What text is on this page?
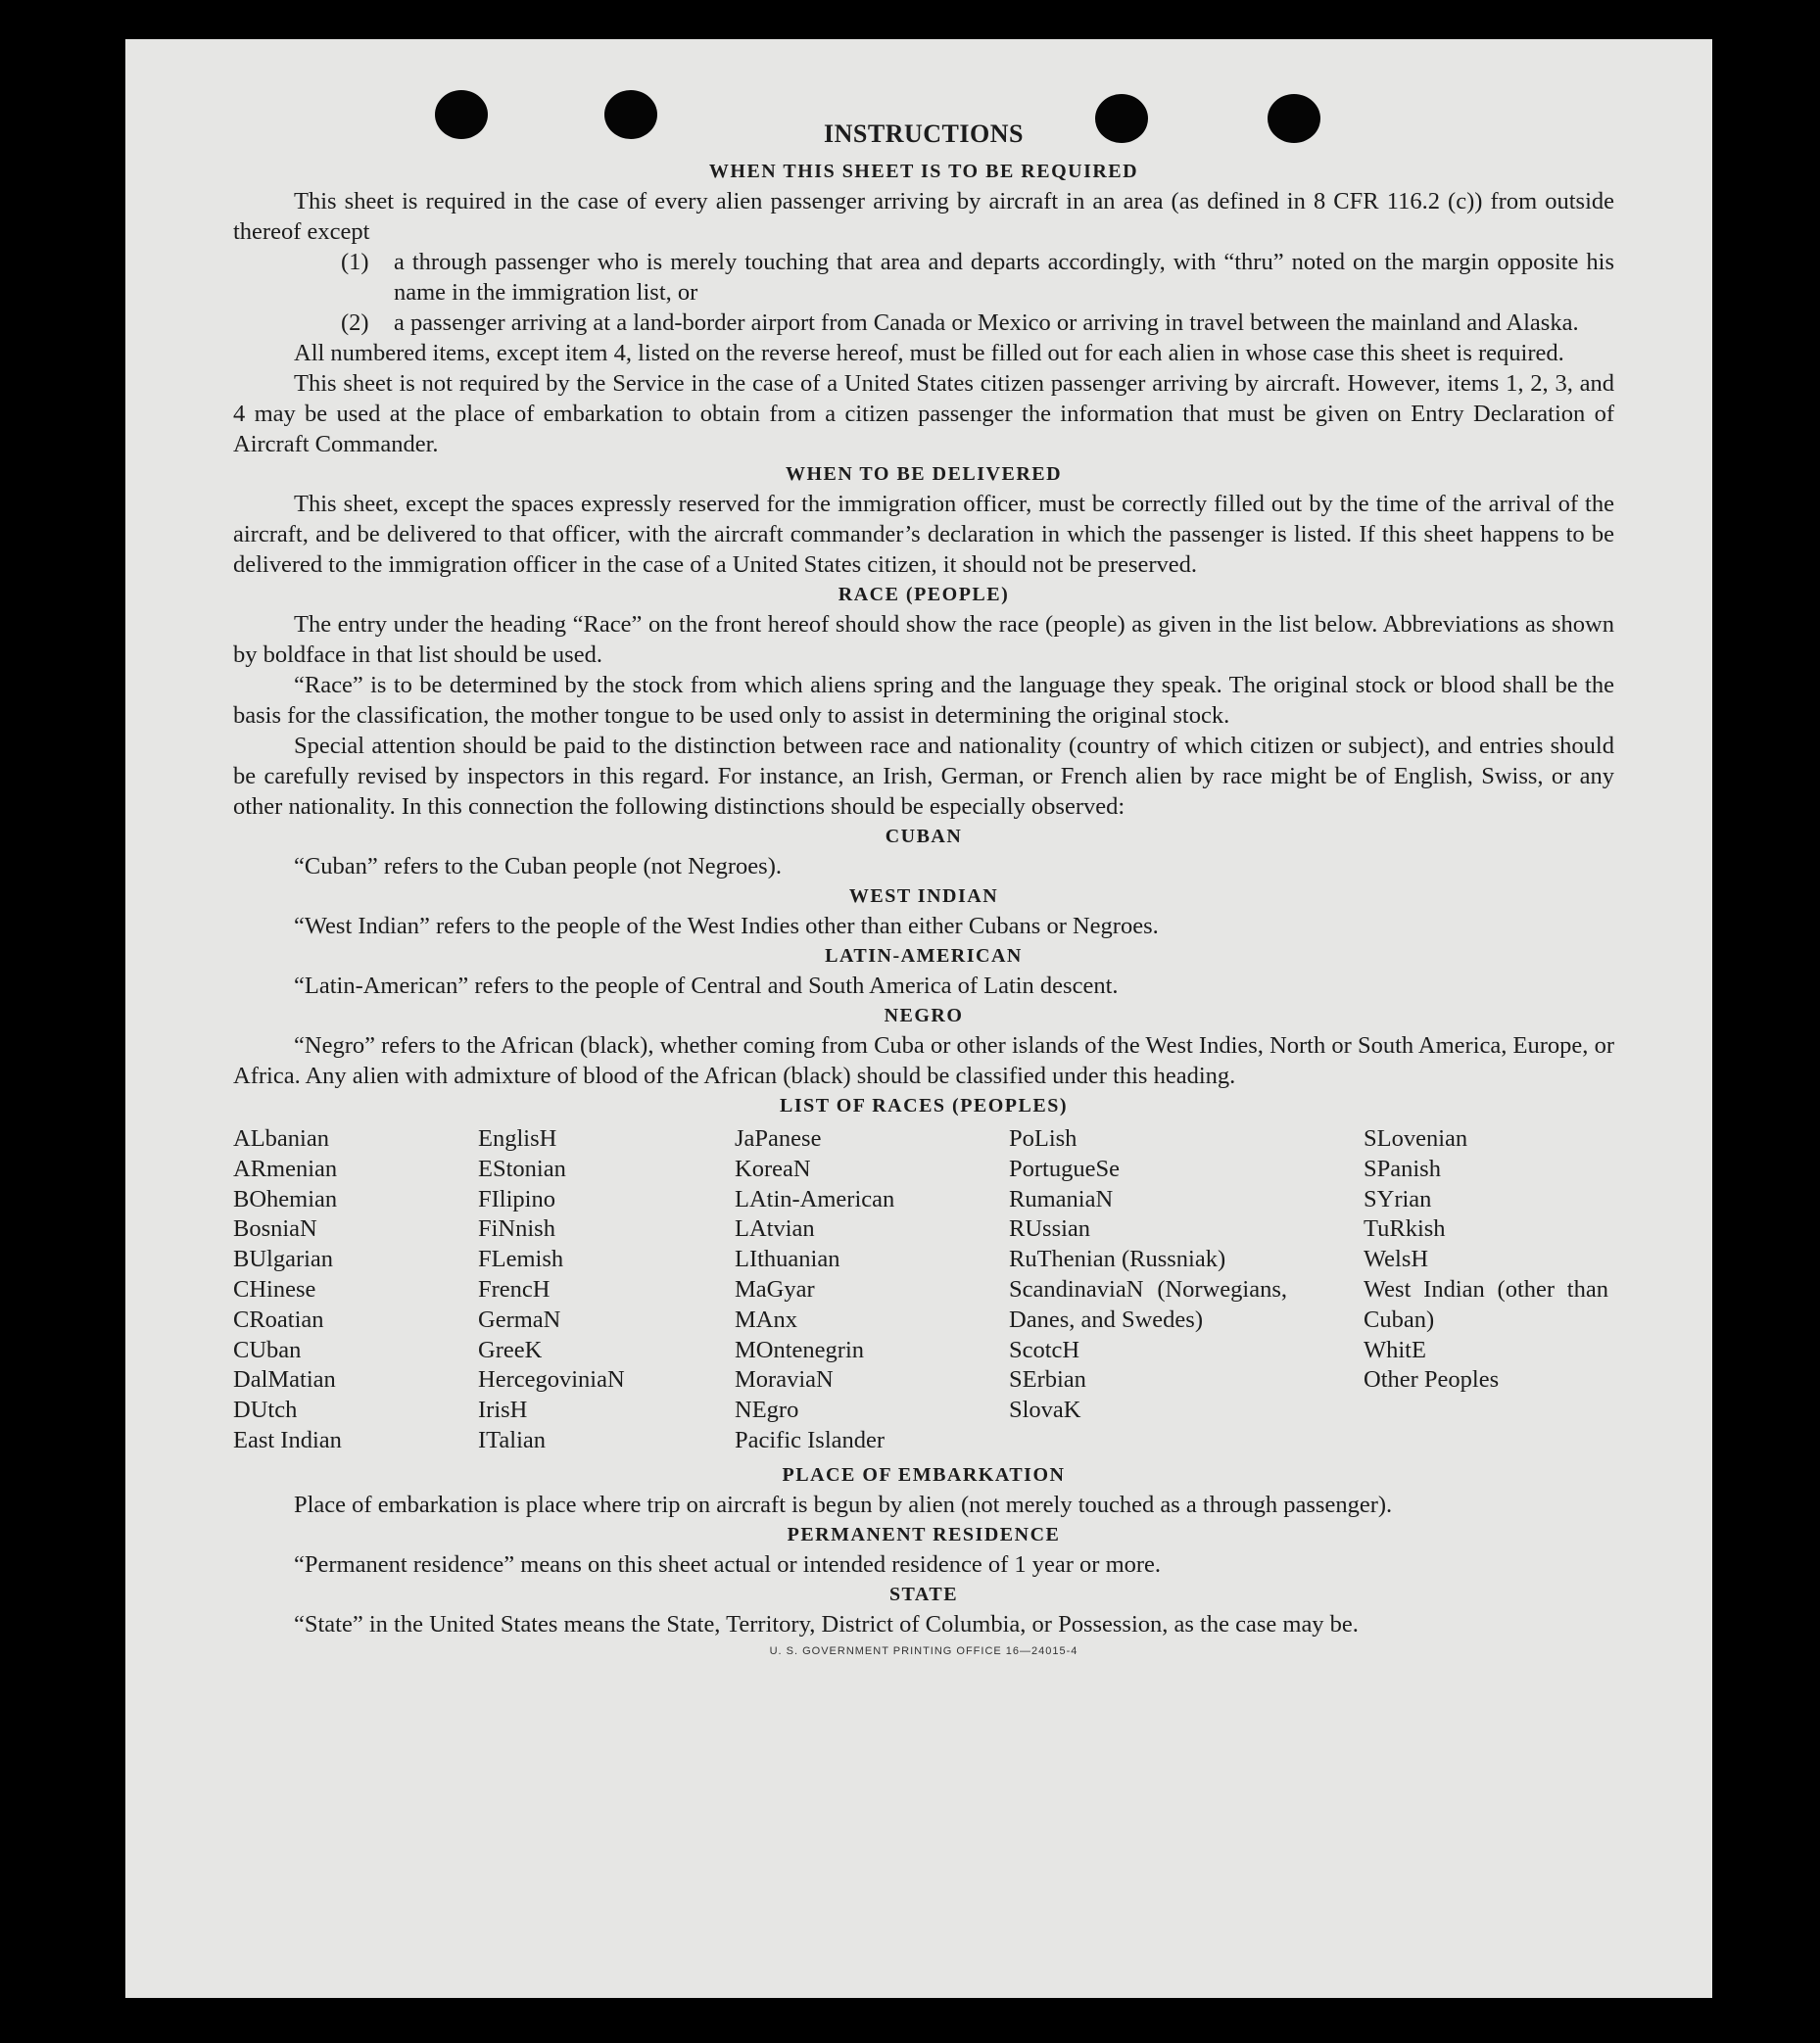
INSTRUCTIONS
WHEN THIS SHEET IS TO BE REQUIRED

This sheet is required in the case of every alien passenger arriving by aircraft in an area (as defined in 8 CFR 116.2 (c)) from outside thereof except

(1)	a through passenger who is merely touching that area and departs accordingly, with “thru” noted on the margin opposite his name in the immigration list, or

(2)	a passenger arriving at a land-border airport from Canada or Mexico or arriving in travel between the mainland and Alaska.

All numbered items, except item 4, listed on the reverse hereof, must be filled out for each alien in whose case this sheet is required.

This sheet is not required by the Service in the case of a United States citizen passenger arriving by aircraft. However, items 1, 2, 3, and 4 may be used at the place of embarkation to obtain from a citizen passenger the information that must be given on Entry Declaration of Aircraft Commander.

WHEN TO BE DELIVERED

This sheet, except the spaces expressly reserved for the immigration officer, must be correctly filled out by the time of the arrival of the aircraft, and be delivered to that officer, with the aircraft commander’s declaration in which the passenger is listed. If this sheet happens to be delivered to the immigration officer in the case of a United States citizen, it should not be preserved.

RACE (PEOPLE)

The entry under the heading “Race” on the front hereof should show the race (people) as given in the list below. Abbreviations as shown by boldface in that list should be used.

“Race” is to be determined by the stock from which aliens spring and the language they speak. The original stock or blood shall be the basis for the classification, the mother tongue to be used only to assist in determining the original stock.

Special attention should be paid to the distinction between race and nationality (country of which citizen or subject), and entries should be carefully revised by inspectors in this regard. For instance, an Irish, German, or French alien by race might be of English, Swiss, or any other nationality. In this connection the following distinctions should be especially observed:

CUBAN

“Cuban” refers to the Cuban people (not Negroes).

WEST INDIAN

“West Indian” refers to the people of the West Indies other than either Cubans or Negroes.

LATIN-AMERICAN

“Latin-American” refers to the people of Central and South America of Latin descent.

NEGRO

“Negro” refers to the African (black), whether coming from Cuba or other islands of the West Indies, North or South America, Europe, or Africa. Any alien with admixture of blood of the African (black) should be classified under this heading.

LIST OF RACES (PEOPLES)
ALbanian
ARmenian
BOhemian
BosniaN
BUlgarian
CHinese
CRoatian
CUban
DalMatian
DUtch
East Indian
EnglisH
EStonian
FIlipino
FiNnish
FLemish
FrencH
GermaN
GreeK
HercegoviniaN
IrisH
ITalian
JaPanese
KoreaN
LAtin-American
LAtvian
LIthuanian
MaGyar
MAnx
MOntenegrin
MoraviaN
NEgro
Pacific Islander
PoLish
PortugueSe
RumaniaN
RUssian
RuThenian (Russniak)
ScandinaviaN (Norwegians, Danes, and Swedes)
ScotcH
SErbian
SlovaK
SLovenian
SPanish
SYrian
TuRkish
WelsH
West Indian (other than Cuban)
WhitE
Other Peoples
PLACE OF EMBARKATION

Place of embarkation is place where trip on aircraft is begun by alien (not merely touched as a through passenger).

PERMANENT RESIDENCE

“Permanent residence” means on this sheet actual or intended residence of 1 year or more.

STATE

“State” in the United States means the State, Territory, District of Columbia, or Possession, as the case may be.

U. S. GOVERNMENT PRINTING OFFICE 16—24015-4
